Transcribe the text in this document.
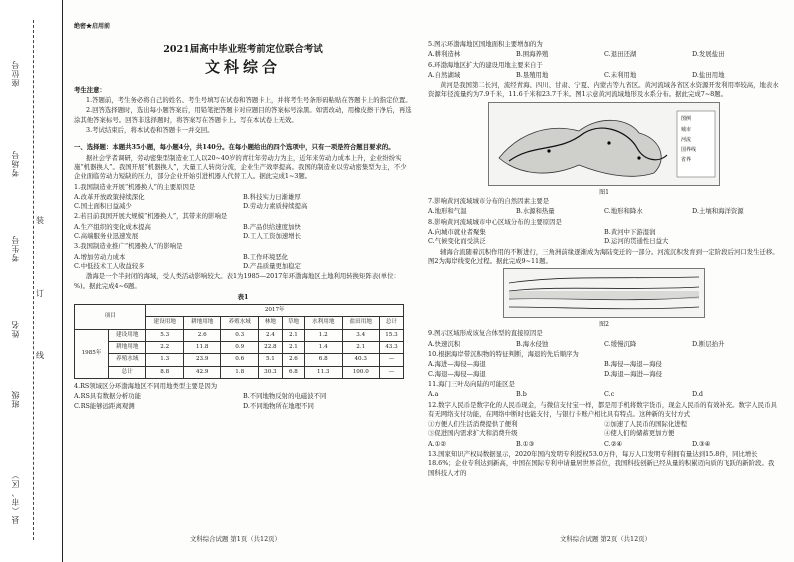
座位号
考场号
考生号
姓名
班级
县（市、区）
装
订
线
绝密★启用前
2021届高中毕业班考前定位联合考试
文科综合
考生注意：
1.答题前，考生务必将自己的姓名、考生号填写在试卷和答题卡上，并将考生号条形码粘贴在答题卡上的指定位置。
2.回答选择题时，选出每小题答案后，用铅笔把答题卡对应题目的答案标号涂黑。如需改动，用橡皮擦干净后，再选涂其他答案标号。回答非选择题时，将答案写在答题卡上。写在本试卷上无效。
3.考试结束后，将本试卷和答题卡一并交回。
一、选择题：本题共35小题，每小题4分，共140分。在每小题给出的四个选项中，只有一项是符合题目要求的。
据社会学者调研，劳动密集型制造业工人以20~40岁的青壮年劳动力为主，近年来劳动力成本上升，企业纷纷实施“机器换人”。我国开展“机器换人”，大量工人转岗分流，企业生产效率提高。我国的制造业以劳动密集型为主，不少企业面临劳动力短缺的压力，部分企业开始引进机器人代替工人。据此完成1~3题。
1.我国制造业开展“机器换人”的主要原因是
A.改革开放政策持续深化	B.科技实力日渐雄厚
C.国土面积日益减少	D.劳动力素质持续提高
2.若目前我国开展大规模“机器换人”，其带来的影响是
A.生产组织的变化成本提高	B.产品供给速度加快
C.高端服务业迅速发展	D.工人工资加速增长
3.我国制造业推广“机器换人”的影响是
A.增加劳动力成本	B.工作环境恶化
C.中低技术工人收益较多	D.产品质量更加稳定
渤海是一个半封闭的海域，受人类活动影响较大。表1为1985—2017年环渤海地区土地利用转换矩阵表(单位：%)。据此完成4~6题。
表1
项目		2017年							
		建设用地	耕地用地	养殖水域	林地	草地	水利用地	盐田用地	总计
1985年	建设用地	5.3	2.6	0.3	2.4	2.1	1.2	3.4	15.3
	耕地用地	2.2	11.8	0.9	22.8	2.1	1.4	2.1	43.3
	养殖水域	1.3	23.9	0.6	5.1	2.6	6.8	40.3	—
	总计	8.8	42.9	1.8	30.3	6.8	11.3	100.0	—
4.RS领域区分环渤海地区不同用地类型主要是因为
A.RS具有数据分析功能	B.不同地物反射的电磁波不同
C.RS能够远距离观测	D.不同地物所在地理不同
5.图示环渤海地区国地面积主要增加的为
A.耕利造林	B.围海养殖	C.退田还湖	D.发展盐田
6.环渤海地区扩大的建设用地主要来自于
A.自然湖域	B.垦殖用地	C.未利用地	D.盐田用地
黄河是我国第二长河，流经青海、四川、甘肃、宁夏、内蒙古等九省区。黄河流域各省区水资源开发利用率较高，地表水资源年径流量约为7.9千米，11.6千米和23.7千米。图1示意黄河流域地形及水系分布。据此完成7~8题。
图例
城市
河流
国界线
省界
图1
7.影响黄河流域城市分布的自然因素主要是
A.地形和气温	B.水源和热量	C.地形和降水	D.土壤和海洋资源
8.影响黄河流域城市中心区域分布的主要原因是
A.向城市就业者聚集	B.黄河中下游湿润
C.气候变化而受洪泛	D.运河的贯通性日益大
辅海合流随着沉积作用的不断进行，三角洲前缘逐渐成为海陆变迁的一部分。河流沉积发育到一定阶段后河口发生迁移。图2为海岸线变化过程。据此完成9~11题。
图2
9.图示区域形成该复合体型的直接原因是
A.快速沉积	B.海水侵蚀	C.缓慢沉降	D.断层抬升
10.根据海岸带沉积物的特征判断，海退的先后顺序为
A.海进—海侵—海退	B.海侵—海退—海侵
C.海退—海侵—海退	D.海退—海进—海侵
11.海门三叶岛向陆的可能区是
A.a	B.b	C.c	D.d
12.数字人民币是数字化的人民币现金，与微信支付宝一样，都是用手机将数字货币，现金人民币的有效补充。数字人民币具有无网络支付功能，在网络中断时也能支付，与银行卡账户相比具有特点。这种新的支付方式
①方便人们生活消费提供了便利	②加速了人民币的国际化进程
③促进国内需求扩大和消费升级	④使人们的储蓄更加方便
A.①②	B.①③	C.②④	D.③④
13.国家知识产权局数据显示，2020年国内发明专利授权53.0万件，每万人口发明专利拥有量达到15.8件，同比增长18.6%；企业专利达到新高，中国在国际专利申请量居世界首位，我国科技创新已经从量的积累迈向质的飞跃的新阶段。我国科技人才的
文科综合试题 第1页（共12页）	文科综合试题 第2页（共12页）
